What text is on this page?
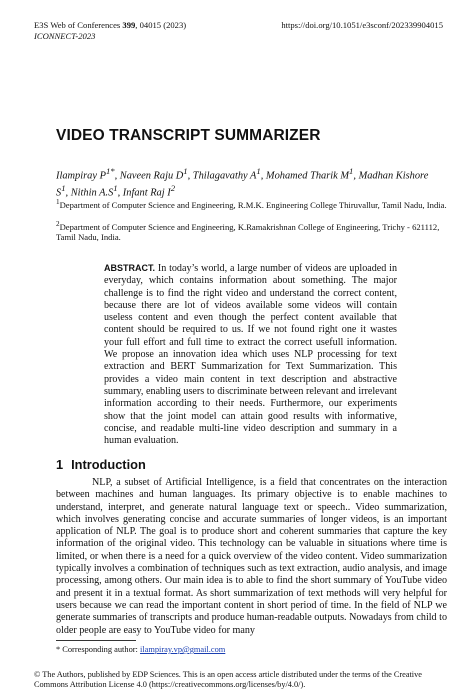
E3S Web of Conferences 399, 04015 (2023)
ICONNECT-2023
https://doi.org/10.1051/e3sconf/202339904015
VIDEO TRANSCRIPT SUMMARIZER
Ilampiray $P^{1*}$, Naveen Raju $D^1$, Thilagavathy $A^1$, Mohamed Tharik $M^1$, Madhan Kishore
$S^1$, Nithin $A.S^1$, Infant Raj $I^2$
$^1$Department of Computer Science and Engineering, R.M.K. Engineering College Thiruvallur, Tamil Nadu, India.
$^2$Department of Computer Science and Engineering, K.Ramakrishnan College of Engineering, Trichy - 621112, Tamil Nadu, India.
ABSTRACT. In today’s world, a large number of videos are uploaded in everyday, which contains information about something. The major challenge is to find the right video and understand the correct content, because there are lot of videos available some videos will contain useless content and even though the perfect content available that content should be required to us. If we not found right one it wastes your full effort and full time to extract the correct usefull information. We propose an innovation idea which uses NLP processing for text extraction and BERT Summarization for Text Summarization. This provides a video main content in text description and abstractive summary, enabling users to discriminate between relevant and irrelevant information according to their needs. Furthermore, our experiments show that the joint model can attain good results with informative, concise, and readable multi-line video description and summary in a human evaluation.
1 Introduction
NLP, a subset of Artificial Intelligence, is a field that concentrates on the interaction between machines and human languages. Its primary objective is to enable machines to understand, interpret, and generate natural language text or speech.. Video summarization, which involves generating concise and accurate summaries of longer videos, is an important application of NLP. The goal is to produce short and coherent summaries that capture the key information of the original video. This technology can be valuable in situations where time is limited, or when there is a need for a quick overview of the video content. Video summarization typically involves a combination of techniques such as text extraction, audio analysis, and image processing, among others. Our main idea is to able to find the short summary of YouTube video and present it in a textual format. As short summarization of text methods will very helpful for users because we can read the important content in short period of time. In the field of NLP we generate summaries of transcripts and produce human-readable outputs. Nowadays from child to older people are easy to YouTube video for many
* Corresponding author: ilampiray.vp@gmail.com
© The Authors, published by EDP Sciences. This is an open access article distributed under the terms of the Creative Commons Attribution License 4.0 (https://creativecommons.org/licenses/by/4.0/).
